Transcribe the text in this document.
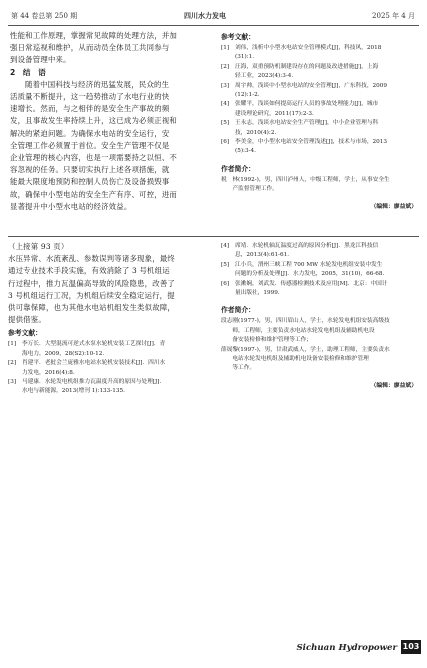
第 44 卷总第 250 期	四川水力发电	2025 年 4 月
性能和工作原理，掌握常见故障的处理方法，并加
强日常巡视和维护，从而动员全体员工共同参与
到设备管理中来。
2　结　语
随着中国科技与经济的迅猛发展，民众的生
活质量不断提升，这一趋势推动了水电行业的快
速增长。然而，与之相伴的是安全生产事故的频
发，且事故发生率持续上升，这已成为必须正视和
解决的紧迫问题。为确保水电站的安全运行，安
全管理工作必须置于首位。安全生产管理不仅是
企业管理的核心内容，也是一项需要持之以恒、不
容忽视的任务。只要切实执行上述各项措施，就
能最大限度地预防和控制人员伤亡及设备损毁事
故，确保中小型电站的安全生产有序、可控，进而
显著提升中小型水电站的经济效益。
参考文献：
[1]	刘伟，浅析中小型水电站安全管理模式[J]，科技风，2018
(31):1.
[2]	汪海，双重预防机制建设存在的问题及改进措施[J]，上海
轻工业，2023(4):3-4.
[3]	周宇帅，浅谈中小型水电站的安全管理[J]，广东科技，2009
(12):1-2.
[4]	张耀平，浅谈如何提高运行人员的事故处理能力[J]，城市
建设理论研究，2011(17):2-3.
[5]	王永志，浅谈水电站安全生产管理[J]，中小企业管理与科
技，2010(4):2.
[6]	李美金，中小型水电站安全管理浅述[J]，技术与市场，2013
(5):3-4.
作者简介：
税　林(1992-)，男，四川泸州人，中级工程师，学士，从事安全生
　　产监督管理工作。
（编辑：廖益斌）
（上接第 93 页）
水压异常、水流紊乱、参数误判等诸多现象，最终
通过专业技术手段实施，有效消除了 3 号机组运
行过程中，推力瓦温偏高导致的风险隐患，改善了
3 号机组运行工况，为机组后续安全稳定运行，提
供可靠保障，也为其他水电站机组发生类似故障，
提供借鉴。
参考文献：
[1]	李万长．大型混流可逆式水泵水轮机安装工艺探讨[J]．青
海电力，2009，28(S2):10-12.
[2]	肖建平．老挝会兰庞雅水电站水轮机安装技术[J]．四川水
力发电，2016(4):8.
[3]	马建康．水轮发电机组推力瓦温度升高的原因与处理[J]．
水电与新能源，2013(增刊 1):133-135.
[4]	席靖．水轮机轴瓦温度过高的原因分析[J]．黑龙江科技信
息，2013(4):61-61.
[5]	江小兵，渭州三峡工程 700 MW 水轮发电机组安装中发生
问题的分析及处理[J]．水力发电，2005，31(10)，66-68.
[6]	张漱娴，刘武发．传感器检测技术及应用[M]．北京：中国计
量出版社，1999.
作者简介：
段志刚(1977-)，男，四川眉山人，学士，水轮发电机组安装高级技
　　师，工程师，主要负责水电站水轮发电机组及辅助机电设
　　备安装检修和维护管理等工作；
薛晟黎(1997-)，男，甘肃武威人，学士，助理工程师，主要负责水
　　电站水轮发电机组及辅助机电设备安装检修和维护管理
　　等工作。
（编辑：廖益斌）
Sichuan Hydropower 103
